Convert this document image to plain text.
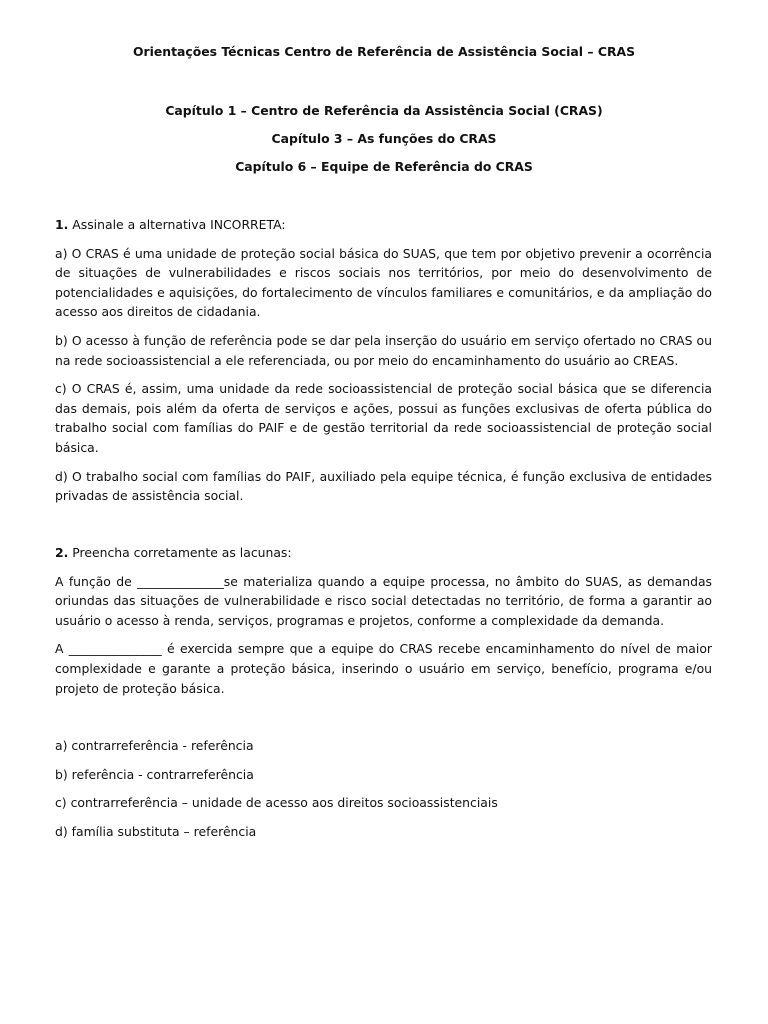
Orientações Técnicas Centro de Referência de Assistência Social – CRAS
Capítulo 1 – Centro de Referência da Assistência Social (CRAS)
Capítulo 3 – As funções do CRAS
Capítulo 6 – Equipe de Referência do CRAS

1. Assinale a alternativa INCORRETA:

a) O CRAS é uma unidade de proteção social básica do SUAS, que tem por objetivo prevenir a ocorrência de situações de vulnerabilidades e riscos sociais nos territórios, por meio do desenvolvimento de potencialidades e aquisições, do fortalecimento de vínculos familiares e comunitários, e da ampliação do acesso aos direitos de cidadania.

b) O acesso à função de referência pode se dar pela inserção do usuário em serviço ofertado no CRAS ou na rede socioassistencial a ele referenciada, ou por meio do encaminhamento do usuário ao CREAS.

c) O CRAS é, assim, uma unidade da rede socioassistencial de proteção social básica que se diferencia das demais, pois além da oferta de serviços e ações, possui as funções exclusivas de oferta pública do trabalho social com famílias do PAIF e de gestão territorial da rede socioassistencial de proteção social básica.

d) O trabalho social com famílias do PAIF, auxiliado pela equipe técnica, é função exclusiva de entidades privadas de assistência social.

2. Preencha corretamente as lacunas:

A função de ______________se materializa quando a equipe processa, no âmbito do SUAS, as demandas oriundas das situações de vulnerabilidade e risco social detectadas no território, de forma a garantir ao usuário o acesso à renda, serviços, programas e projetos, conforme a complexidade da demanda.

A _______________ é exercida sempre que a equipe do CRAS recebe encaminhamento do nível de maior complexidade e garante a proteção básica, inserindo o usuário em serviço, benefício, programa e/ou projeto de proteção básica.

a) contrarreferência - referência
b) referência - contrarreferência
c) contrarreferência – unidade de acesso aos direitos socioassistenciais
d) família substituta – referência
